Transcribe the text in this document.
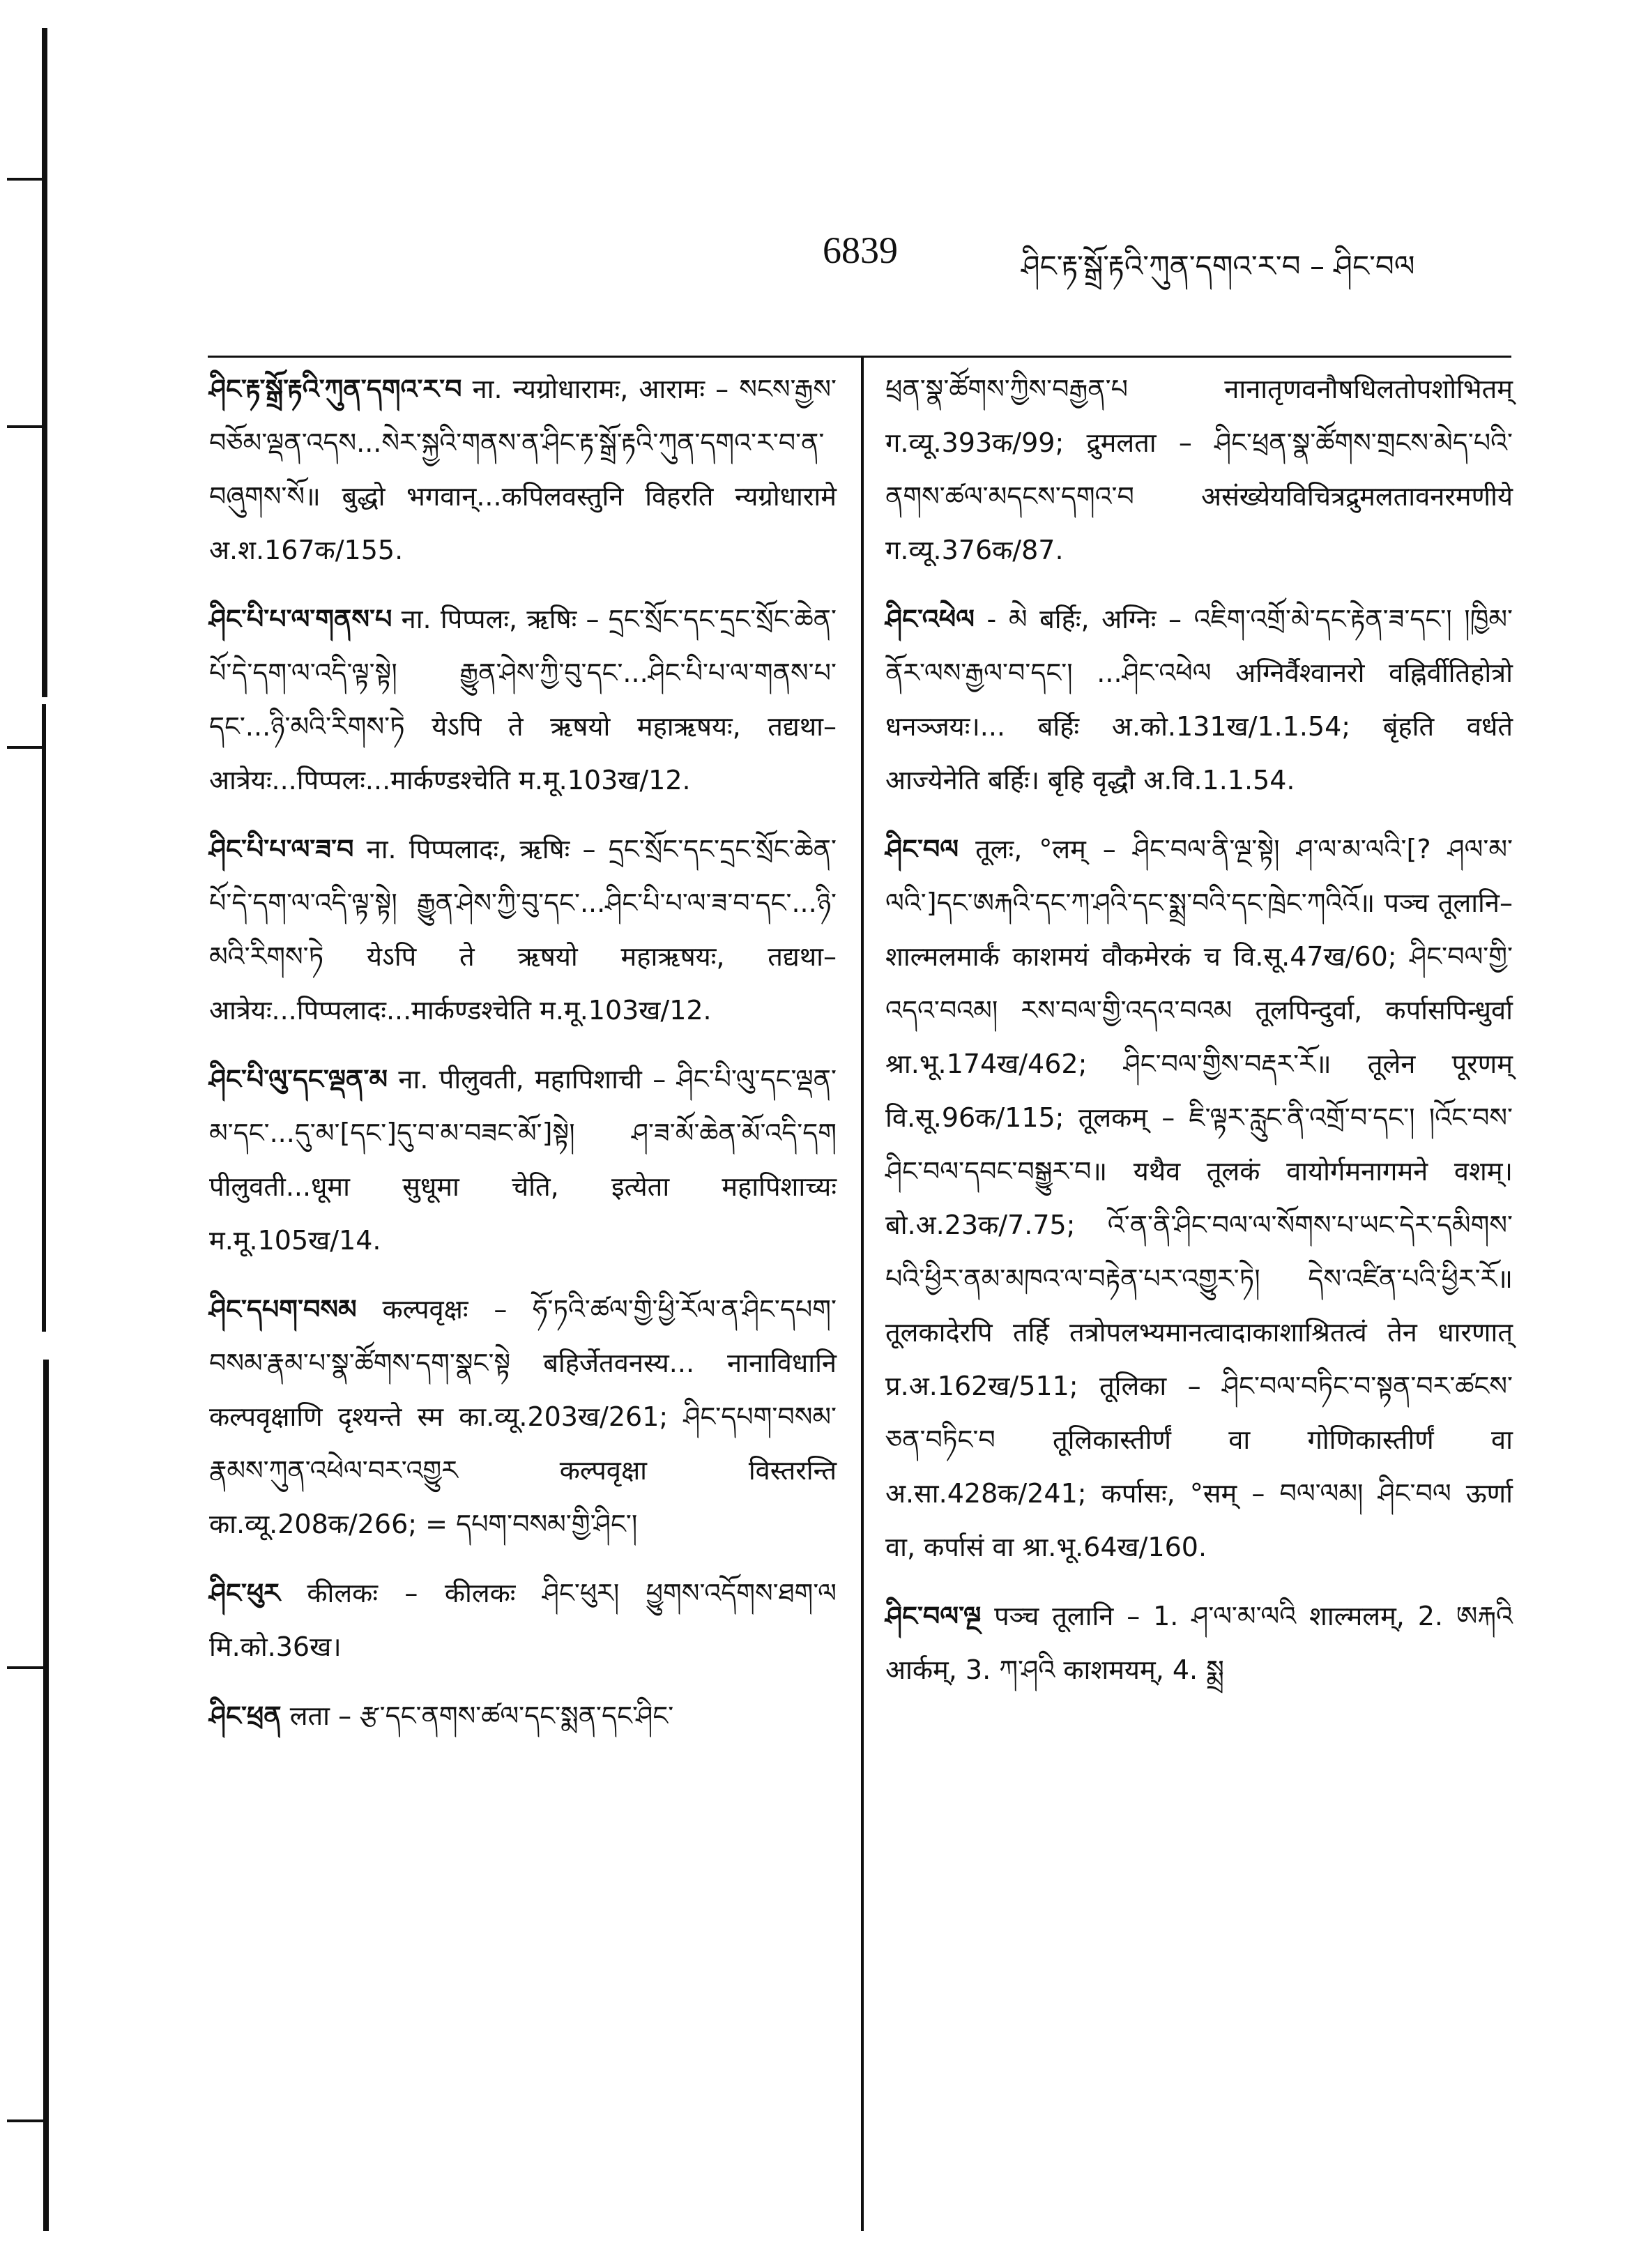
6839	ཤིང་རྟ་སྒྲོ་རྟའི་ཀུན་དགའ་ར་བ – ཤིང་བལ

ཤིང་རྟ་སྒྲོ་རྟའི་ཀུན་དགའ་ར་བ ना. न्यग्रोधारामः, आरामः – སངས་རྒྱས་བཅོམ་ལྡན་འདས...སེར་སྐྱའི་གནས་ན་ཤིང་རྟ་སྒྲོ་རྟའི་ཀུན་དགའ་ར་བ་ན་བཞུགས་སོ॥ बुद्धो भगवान्...कपिलवस्तुनि विहरति न्यग्रोधारामे अ.श.167क/155.

ཤིང་པི་པ་ལ་གནས་པ ना. पिप्पलः, ऋषिः – དྲང་སྲོང་དང་དྲང་སྲོང་ཆེན་པོ་དེ་དག་ལ་འདི་ལྟ་སྟེ། རྒྱུན་ཤེས་ཀྱི་བུ་དང་...ཤིང་པི་པ་ལ་གནས་པ་དང་...ཉི་མའི་རིགས་ཏེ येऽपि ते ऋषयो महाऋषयः, तद्यथा–आत्रेयः...पिप्पलः...मार्कण्डश्चेति म.मू.103ख/12.

ཤིང་པི་པ་ལ་ཟ་བ ना. पिप्पलादः, ऋषिः – དྲང་སྲོང་དང་དྲང་སྲོང་ཆེན་པོ་དེ་དག་ལ་འདི་ལྟ་སྟེ། རྒྱུན་ཤེས་ཀྱི་བུ་དང་...ཤིང་པི་པ་ལ་ཟ་བ་དང་...ཉི་མའི་རིགས་ཏེ येऽपि ते ऋषयो महाऋषयः, तद्यथा–आत्रेयः...पिप्पलादः...मार्कण्डश्चेति म.मू.103ख/12.

ཤིང་པི་ལུ་དང་ལྡན་མ ना. पीलुवती, महापिशाची – ཤིང་པི་ལུ་དང་ལྡན་མ་དང་...དུ་མ་[དང་]དུ་བ་མ་བཟང་མོ་]སྟེ། ཤ་ཟ་མོ་ཆེན་མོ་འདི་དག पीलुवती...धूमा सुधूमा चेति, इत्येता महापिशाच्यः म.मू.105ख/14.

ཤིང་དཔག་བསམ कल्पवृक्षः – ཧོ་ཏའི་ཚལ་གྱི་ཕྱི་རོལ་ན་ཤིང་དཔག་བསམ་རྣམ་པ་སྣ་ཚོགས་དག་སྣང་སྟེ बहिर्जेतवनस्य... नानाविधानि कल्पवृक्षाणि दृश्यन्ते स्म का.व्यू.203ख/261; ཤིང་དཔག་བསམ་རྣམས་ཀུན་འཕེལ་བར་འགྱུར कल्पवृक्षा विस्तरन्ति का.व्यू.208क/266; = དཔག་བསམ་གྱི་ཤིང་།

ཤིང་ཕུར कीलकः – कीलकः ཤིང་ཕུར། ཕྱུགས་འདོགས་ཐག་ལ मि.को.36ख।

ཤིང་ཕྲན लता – རྩ་དང་ནགས་ཚལ་དང་སྨན་དང་ཤིང་

ཕྲན་སྣ་ཚོགས་ཀྱིས་བརྒྱན་པ नानातृणवनौषधिलतोपशोभितम् ग.व्यू.393क/99; द्रुमलता – ཤིང་ཕྲན་སྣ་ཚོགས་གྲངས་མེད་པའི་ནགས་ཚལ་མདངས་དགའ་བ असंख्येयविचित्रद्रुमलतावनरमणीये ग.व्यू.376क/87.

ཤིང་འཕེལ - མེ बर्हिः, अग्निः – འཇིག་འགྲོ་མེ་དང་རྟེན་ཟ་དང་། །ཁྱིམ་ནོར་ལས་རྒྱལ་བ་དང་། ...ཤིང་འཕེལ अग्निर्वैश्वानरो वह्निर्वीतिहोत्रो धनञ्जयः।... बर्हिः अ.को.131ख/1.1.54; बृंहति वर्धते आज्येनेति बर्हिः। बृहि वृद्धौ अ.वि.1.1.54.

ཤིང་བལ तूलः, °लम् – ཤིང་བལ་ནི་ལྔ་སྟེ། ཤ་ལ་མ་ལའི་[? ཤལ་མ་ལའི་]དང་ཨརྐའི་དང་ཀ་ཤའི་དང་སྨྲ་བའི་དང་ཁྲེང་ཀའིའོ॥ पञ्च तूलानि–शाल्मलमार्कं काशमयं वौकमेरकं च वि.सू.47ख/60; ཤིང་བལ་གྱི་འདའ་བའམ། རས་བལ་གྱི་འདའ་བའམ तूलपिन्दुर्वा, कर्पासपिन्धुर्वा श्रा.भू.174ख/462; ཤིང་བལ་གྱིས་བརྡར་རོ॥ तूलेन पूरणम् वि.सू.96क/115; तूलकम् – ཇི་ལྟར་རླུང་ནི་འགྲོ་བ་དང་། །འོང་བས་ཤིང་བལ་དབང་བསྒྱུར་བ॥ यथैव तूलकं वायोर्गमनागमने वशम्। बो.अ.23क/7.75; འོ་ན་ནི་ཤིང་བལ་ལ་སོགས་པ་ཡང་དེར་དམིགས་པའི་ཕྱིར་ནམ་མཁའ་ལ་བརྟེན་པར་འགྱུར་ཏེ། དེས་འཛིན་པའི་ཕྱིར་རོ॥ तूलकादेरपि तर्हि तत्रोपलभ्यमानत्वादाकाशाश्रितत्वं तेन धारणात् प्र.अ.162ख/511; तूलिका – ཤིང་བལ་བཏིང་བ་སྟན་བར་ཚངས་ཅན་བཏིང་བ तूलिकास्तीर्णं वा गोणिकास्तीर्णं वा अ.सा.428क/241; कर्पासः, °सम् – བལ་ལམ། ཤིང་བལ ऊर्णा वा, कर्पासं वा श्रा.भू.64ख/160.

ཤིང་བལ་ལྔ पञ्च तूलानि – 1. ཤ་ལ་མ་ལའི शाल्मलम्, 2. ཨརྐའི आर्कम्, 3. ཀ་ཤའི काशमयम्, 4. སྨྲ
